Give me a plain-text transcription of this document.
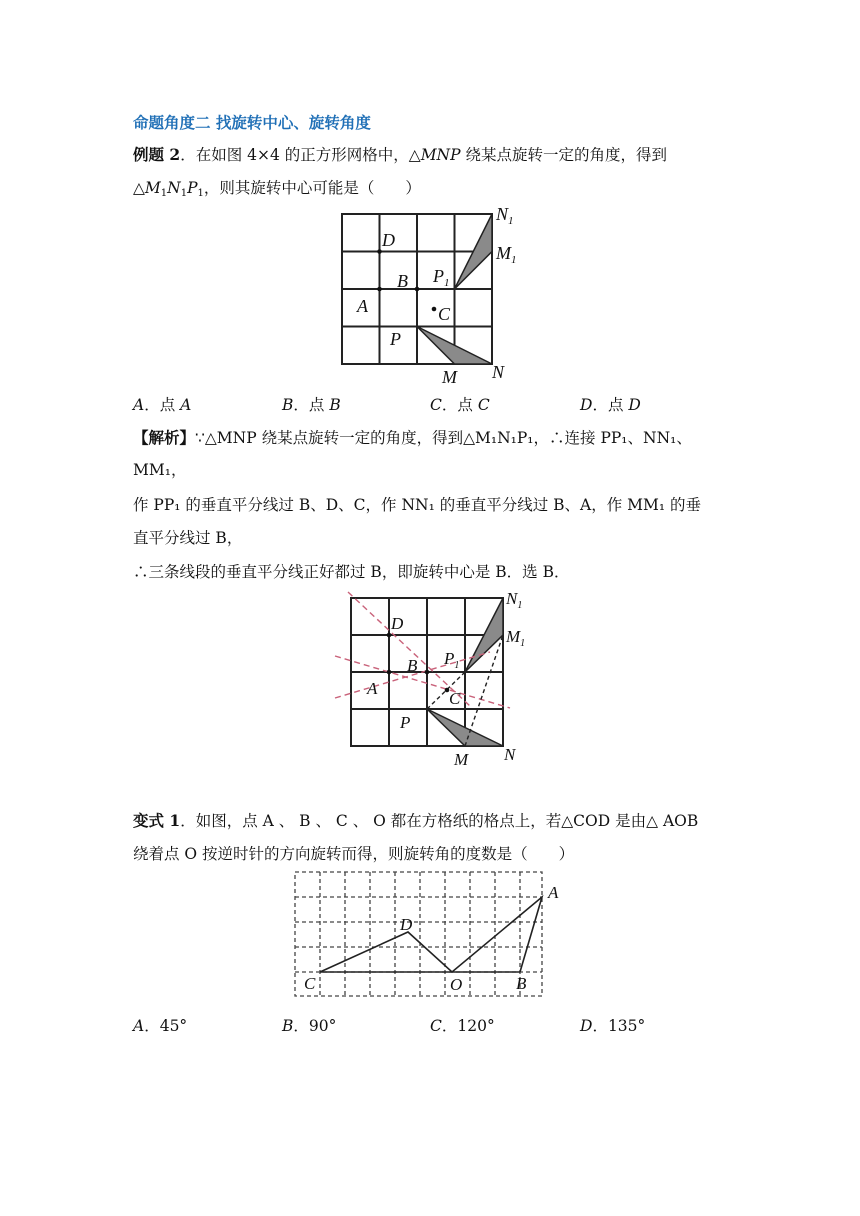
命题角度二 找旋转中心、旋转角度
例题 2．在如图 4×4 的正方形网格中，△MNP 绕某点旋转一定的角度，得到
$\triangle M_1N_1P_1$，则其旋转中心可能是（　　）
$N_1$
$M_1$
$P_1$
D
B
A	C
P
M N
A．点 A	B．点 B	C．点 C	D．点 D
【解析】∵△MNP 绕某点旋转一定的角度，得到△M₁N₁P₁，∴连接 PP₁、NN₁、
MM₁，
作 PP₁ 的垂直平分线过 B、D、C，作 NN₁ 的垂直平分线过 B、A，作 MM₁ 的垂
直平分线过 B，
∴三条线段的垂直平分线正好都过 B，即旋转中心是 B．选 B．
$N_1$
$M_1$
$P_1$
D
B
A
C
P
M N
变式 1．如图，点 A 、 B 、 C 、 O 都在方格纸的格点上，若△COD 是由△ AOB
绕着点 O 按逆时针的方向旋转而得，则旋转角的度数是（　　）
A
D
C	O	B
A．45°	B．90°	C．120°	D．135°
